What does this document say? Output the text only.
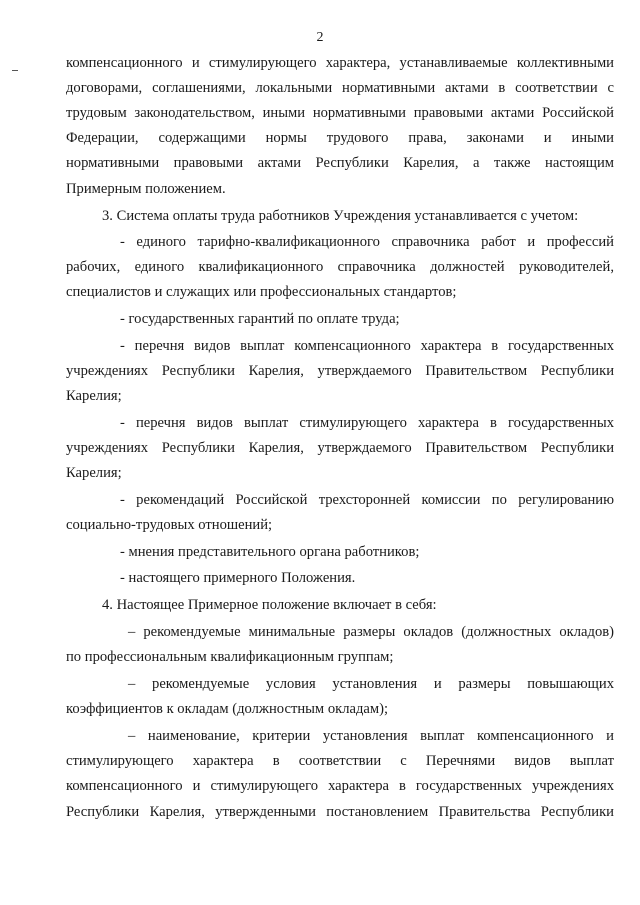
2
компенсационного и стимулирующего характера, устанавливаемые коллективными
договорами, соглашениями, локальными нормативными актами в соответствии с
трудовым законодательством, иными нормативными правовыми актами Российской
Федерации, содержащими нормы трудового права, законами и иными
нормативными правовыми актами Республики Карелия, а также настоящим
Примерным положением.
3. Система оплаты труда работников Учреждения устанавливается с учетом:
- единого тарифно-квалификационного справочника работ и профессий
рабочих, единого квалификационного справочника должностей руководителей,
специалистов и служащих или профессиональных стандартов;
- государственных гарантий по оплате труда;
- перечня видов выплат компенсационного характера в государственных
учреждениях Республики Карелия, утверждаемого Правительством Республики
Карелия;
- перечня видов выплат стимулирующего характера в государственных
учреждениях Республики Карелия, утверждаемого Правительством Республики
Карелия;
- рекомендаций Российской трехсторонней комиссии по регулированию
социально-трудовых отношений;
- мнения представительного органа работников;
- настоящего примерного Положения.
4. Настоящее Примерное положение включает в себя:
– рекомендуемые минимальные размеры окладов (должностных окладов)
по профессиональным квалификационным группам;
– рекомендуемые условия установления и размеры повышающих
коэффициентов к окладам (должностным окладам);
– наименование, критерии установления выплат компенсационного и
стимулирующего характера в соответствии с Перечнями видов выплат
компенсационного и стимулирующего характера в государственных учреждениях
Республики Карелия, утвержденными постановлением Правительства Республики
